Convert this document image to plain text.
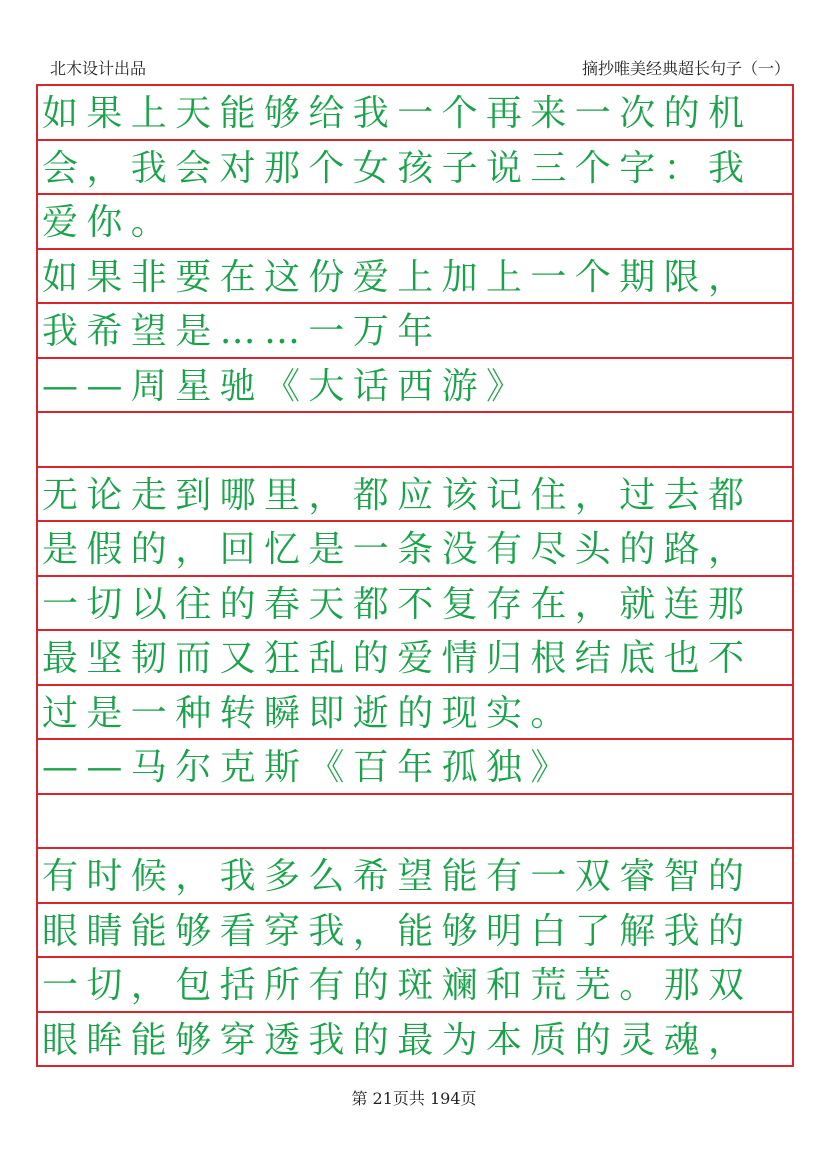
北木设计出品	摘抄唯美经典超长句子（一）
如果上天能够给我一个再来一次的机
会，我会对那个女孩子说三个字：我
爱你。
如果非要在这份爱上加上一个期限，
我希望是……一万年
——周星驰《大话西游》
无论走到哪里，都应该记住，过去都
是假的，回忆是一条没有尽头的路，
一切以往的春天都不复存在，就连那
最坚韧而又狂乱的爱情归根结底也不
过是一种转瞬即逝的现实。
——马尔克斯《百年孤独》
有时候，我多么希望能有一双睿智的
眼睛能够看穿我，能够明白了解我的
一切，包括所有的斑斓和荒芜。那双
眼眸能够穿透我的最为本质的灵魂，
第 21页共 194页
